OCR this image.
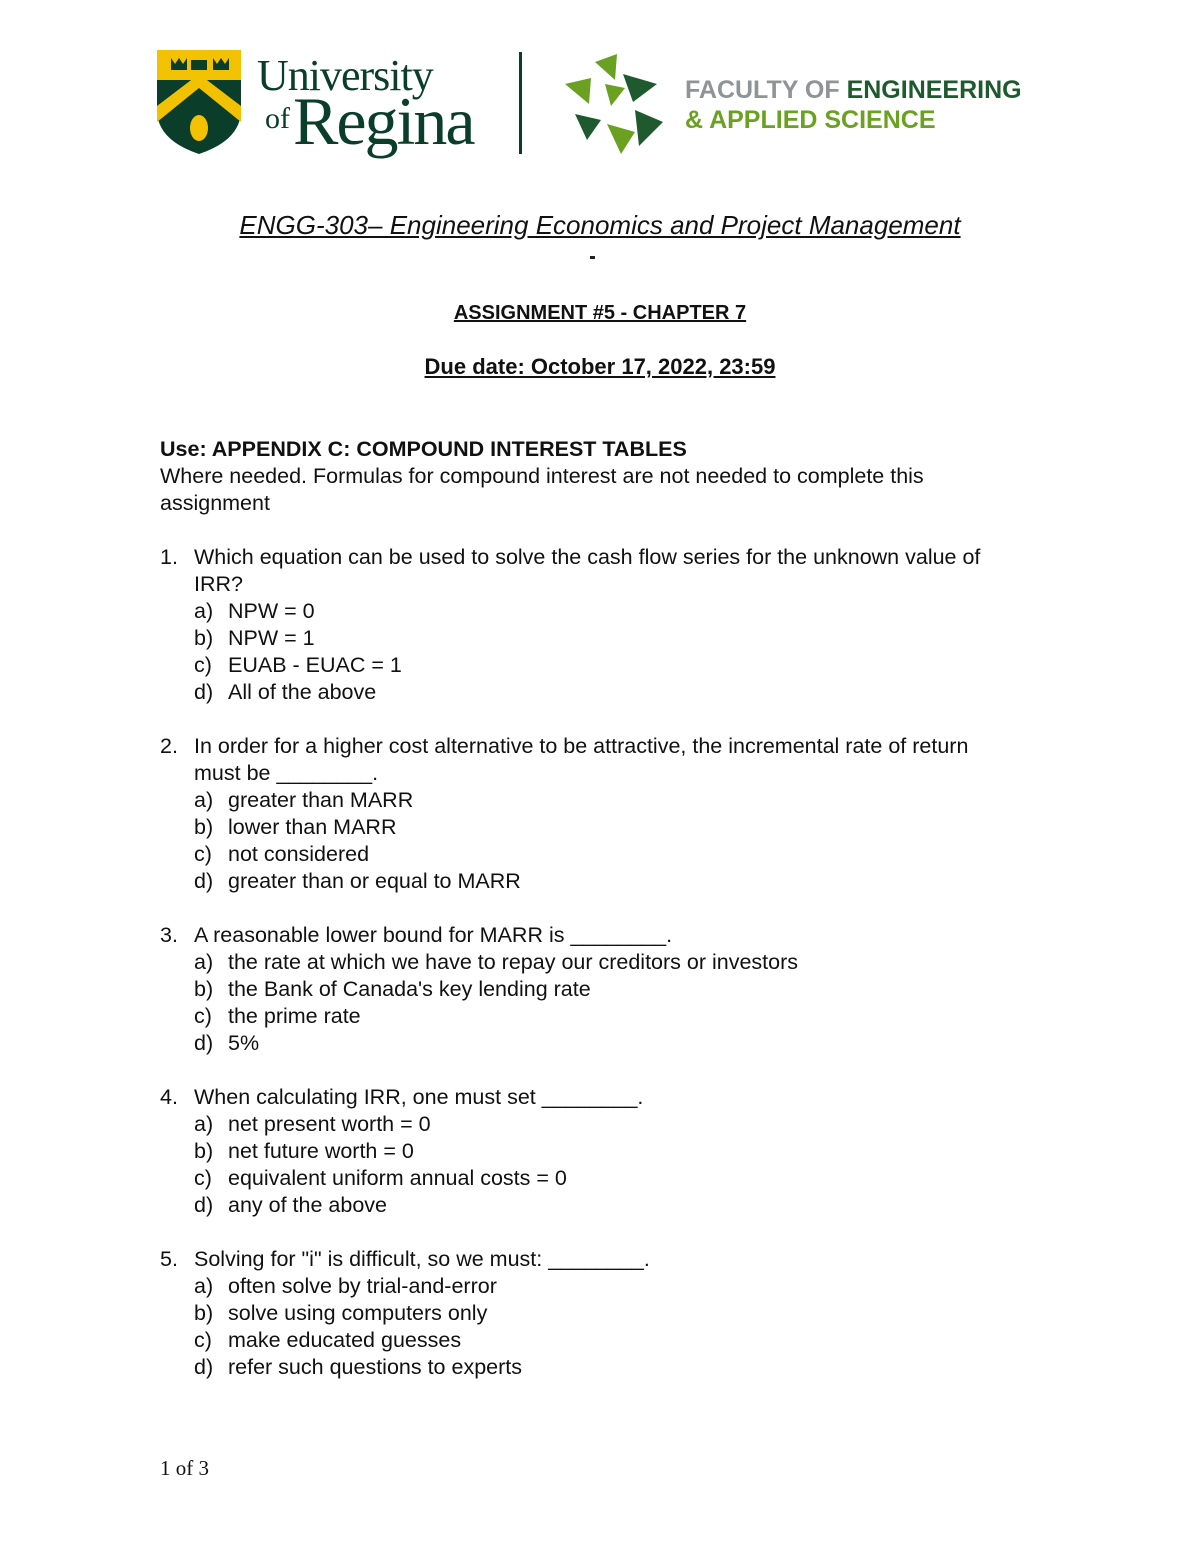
University
of Regina	FACULTY OF ENGINEERING
& APPLIED SCIENCE
ENGG-303– Engineering Economics and Project Management
ASSIGNMENT #5 - CHAPTER 7
Due date: October 17, 2022, 23:59
Use: APPENDIX C: COMPOUND INTEREST TABLES
Where needed. Formulas for compound interest are not needed to complete this assignment
1. Which equation can be used to solve the cash flow series for the unknown value of IRR?
a) NPW = 0
b) NPW = 1
c) EUAB - EUAC = 1
d) All of the above
2. In order for a higher cost alternative to be attractive, the incremental rate of return must be ________.
a) greater than MARR
b) lower than MARR
c) not considered
d) greater than or equal to MARR
3. A reasonable lower bound for MARR is ________.
a) the rate at which we have to repay our creditors or investors
b) the Bank of Canada's key lending rate
c) the prime rate
d) 5%
4. When calculating IRR, one must set ________.
a) net present worth = 0
b) net future worth = 0
c) equivalent uniform annual costs = 0
d) any of the above
5. Solving for "i" is difficult, so we must: ________.
a) often solve by trial-and-error
b) solve using computers only
c) make educated guesses
d) refer such questions to experts
1 of 3
